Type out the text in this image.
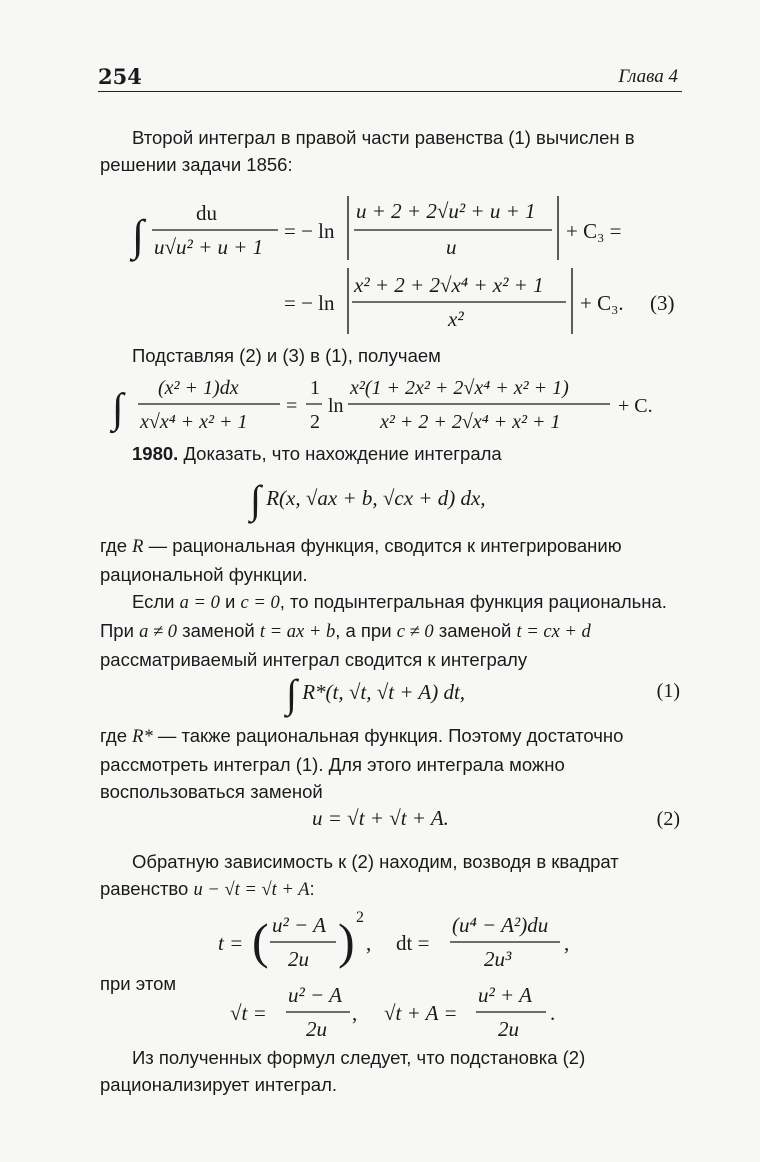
254	Глава 4

Второй интеграл в правой части равенства (1) вычислен в решении задачи 1856:

∫ du
u√u² + u + 1
= − ln
u + 2 + 2√u² + u + 1
u
+ C₃ =
= − ln
x² + 2 + 2√x⁴ + x² + 1
x²
+ C₃. (3)

Подставляя (2) и (3) в (1), получаем

∫ (x² + 1)dx
x√x⁴ + x² + 1
=
1
2
ln
x²(1 + 2x² + 2√x⁴ + x² + 1)
x² + 2 + 2√x⁴ + x² + 1
+ C.

1980. Доказать, что нахождение интеграла

∫ R(x, √ax + b, √cx + d) dx,

где R — рациональная функция, сводится к интегрированию рациональной функции.

Если a = 0 и c = 0, то подынтегральная функция рациональна. При a ≠ 0 заменой t = ax + b, а при c ≠ 0 заменой t = cx + d рассматриваемый интеграл сводится к интегралу

∫ R*(t, √t, √t + A) dt,	(1)

где R* — также рациональная функция. Поэтому достаточно рассмотреть интеграл (1). Для этого интеграла можно воспользоваться заменой

u = √t + √t + A.	(2)

Обратную зависимость к (2) находим, возводя в квадрат равенство u − √t = √t + A:

t = ( u² − A
2u ) 2
, dt =
(u⁴ − A²)du
2u³
,

при этом

√t =
u² − A
2u
, √t + A =
u² + A
2u
.

Из полученных формул следует, что подстановка (2) рационализирует интеграл.
